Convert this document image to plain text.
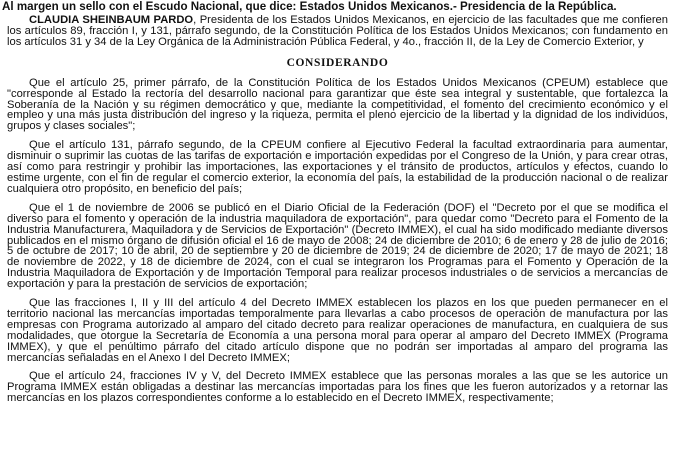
Al margen un sello con el Escudo Nacional, que dice: Estados Unidos Mexicanos.- Presidencia de la República.

CLAUDIA SHEINBAUM PARDO, Presidenta de los Estados Unidos Mexicanos, en ejercicio de las facultades que me confieren los artículos 89, fracción I, y 131, párrafo segundo, de la Constitución Política de los Estados Unidos Mexicanos; con fundamento en los artículos 31 y 34 de la Ley Orgánica de la Administración Pública Federal, y 4o., fracción II, de la Ley de Comercio Exterior, y

CONSIDERANDO

Que el artículo 25, primer párrafo, de la Constitución Política de los Estados Unidos Mexicanos (CPEUM) establece que "corresponde al Estado la rectoría del desarrollo nacional para garantizar que éste sea integral y sustentable, que fortalezca la Soberanía de la Nación y su régimen democrático y que, mediante la competitividad, el fomento del crecimiento económico y el empleo y una más justa distribución del ingreso y la riqueza, permita el pleno ejercicio de la libertad y la dignidad de los individuos, grupos y clases sociales";

Que el artículo 131, párrafo segundo, de la CPEUM confiere al Ejecutivo Federal la facultad extraordinaria para aumentar, disminuir o suprimir las cuotas de las tarifas de exportación e importación expedidas por el Congreso de la Unión, y para crear otras, así como para restringir y prohibir las importaciones, las exportaciones y el tránsito de productos, artículos y efectos, cuando lo estime urgente, con el fin de regular el comercio exterior, la economía del país, la estabilidad de la producción nacional o de realizar cualquiera otro propósito, en beneficio del país;

Que el 1 de noviembre de 2006 se publicó en el Diario Oficial de la Federación (DOF) el "Decreto por el que se modifica el diverso para el fomento y operación de la industria maquiladora de exportación", para quedar como "Decreto para el Fomento de la Industria Manufacturera, Maquiladora y de Servicios de Exportación" (Decreto IMMEX), el cual ha sido modificado mediante diversos publicados en el mismo órgano de difusión oficial el 16 de mayo de 2008; 24 de diciembre de 2010; 6 de enero y 28 de julio de 2016; 5 de octubre de 2017; 10 de abril, 20 de septiembre y 20 de diciembre de 2019; 24 de diciembre de 2020; 17 de mayo de 2021; 18 de noviembre de 2022, y 18 de diciembre de 2024, con el cual se integraron los Programas para el Fomento y Operación de la Industria Maquiladora de Exportación y de Importación Temporal para realizar procesos industriales o de servicios a mercancías de exportación y para la prestación de servicios de exportación;

Que las fracciones I, II y III del artículo 4 del Decreto IMMEX establecen los plazos en los que pueden permanecer en el territorio nacional las mercancías importadas temporalmente para llevarlas a cabo procesos de operación de manufactura por las empresas con Programa autorizado al amparo del citado decreto para realizar operaciones de manufactura, en cualquiera de sus modalidades, que otorgue la Secretaría de Economía a una persona moral para operar al amparo del Decreto IMMEX (Programa IMMEX), y que el penúltimo párrafo del citado artículo dispone que no podrán ser importadas al amparo del programa las mercancías señaladas en el Anexo I del Decreto IMMEX;

Que el artículo 24, fracciones IV y V, del Decreto IMMEX establece que las personas morales a las que se les autorice un Programa IMMEX están obligadas a destinar las mercancías importadas para los fines que les fueron autorizados y a retornar las mercancías en los plazos correspondientes conforme a lo establecido en el Decreto IMMEX, respectivamente;
